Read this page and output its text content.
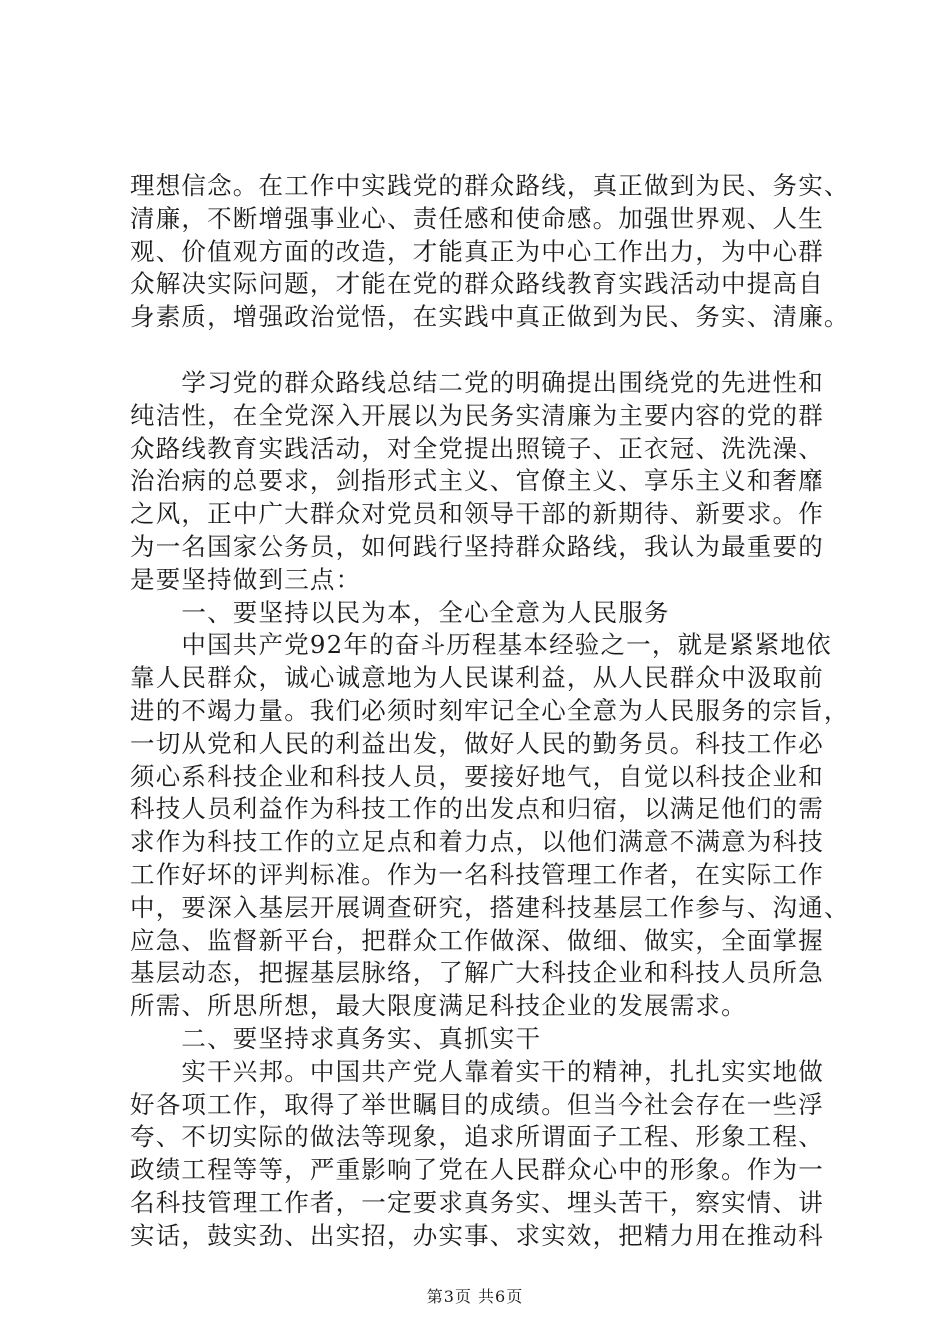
理想信念。在工作中实践党的群众路线，真正做到为民、务实、
清廉，不断增强事业心、责任感和使命感。加强世界观、人生
观、价值观方面的改造，才能真正为中心工作出力，为中心群
众解决实际问题，才能在党的群众路线教育实践活动中提高自
身素质，增强政治觉悟，在实践中真正做到为民、务实、清廉。
　　学习党的群众路线总结二党的明确提出围绕党的先进性和
纯洁性，在全党深入开展以为民务实清廉为主要内容的党的群
众路线教育实践活动，对全党提出照镜子、正衣冠、洗洗澡、
治治病的总要求，剑指形式主义、官僚主义、享乐主义和奢靡
之风，正中广大群众对党员和领导干部的新期待、新要求。作
为一名国家公务员，如何践行坚持群众路线，我认为最重要的
是要坚持做到三点：
　　一、要坚持以民为本，全心全意为人民服务
　　中国共产党92年的奋斗历程基本经验之一，就是紧紧地依
靠人民群众，诚心诚意地为人民谋利益，从人民群众中汲取前
进的不竭力量。我们必须时刻牢记全心全意为人民服务的宗旨，
一切从党和人民的利益出发，做好人民的勤务员。科技工作必
须心系科技企业和科技人员，要接好地气，自觉以科技企业和
科技人员利益作为科技工作的出发点和归宿，以满足他们的需
求作为科技工作的立足点和着力点，以他们满意不满意为科技
工作好坏的评判标准。作为一名科技管理工作者，在实际工作
中，要深入基层开展调查研究，搭建科技基层工作参与、沟通、
应急、监督新平台，把群众工作做深、做细、做实，全面掌握
基层动态，把握基层脉络，了解广大科技企业和科技人员所急
所需、所思所想，最大限度满足科技企业的发展需求。
　　二、要坚持求真务实、真抓实干
　　实干兴邦。中国共产党人靠着实干的精神，扎扎实实地做
好各项工作，取得了举世瞩目的成绩。但当今社会存在一些浮
夸、不切实际的做法等现象，追求所谓面子工程、形象工程、
政绩工程等等，严重影响了党在人民群众心中的形象。作为一
名科技管理工作者，一定要求真务实、埋头苦干，察实情、讲
实话，鼓实劲、出实招，办实事、求实效，把精力用在推动科
第3页 共6页
